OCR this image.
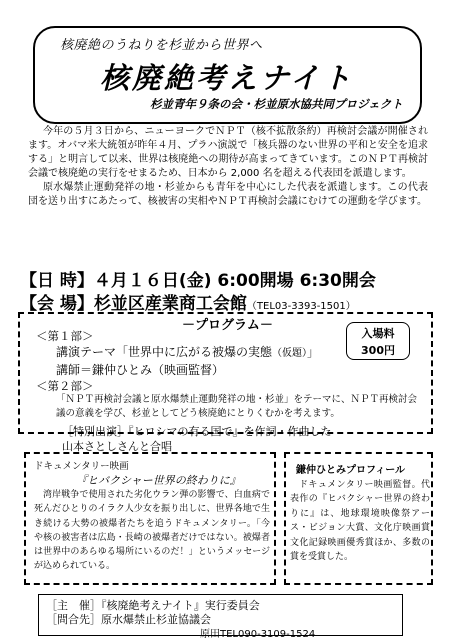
核廃絶のうねりを杉並から世界へ
核廃絶考えナイト
杉並青年９条の会・杉並原水協共同プロジェクト

今年の５月３日から、ニューヨークでＮＰＴ（核不拡散条約）再検討会議が開催されます。オバマ米大統領が昨年４月、プラハ演説で「核兵器のない世界の平和と安全を追求する」と明言して以来、世界は核廃絶への期待が高まってきています。このＮＰＴ再検討会議で核廃絶の実行をせまるため、日本から 2,000 名を超える代表団を派遣します。

原水爆禁止運動発祥の地・杉並からも青年を中心にした代表を派遣します。この代表団を送り出すにあたって、核被害の実相やＮＰＴ再検討会議にむけての運動を学びます。

【日 時】４月１６日(金) 6:00開場 6:30開会
【会 場】杉並区産業商工会館（TEL03-3393-1501）
－プログラム－
＜第１部＞
講演テーマ「世界中に広がる被爆の実態（仮題）」
講師＝鎌仲ひとみ（映画監督）
＜第２部＞
「ＮＰＴ再検討会議と原水爆禁止運動発祥の地・杉並」をテーマに、ＮＰＴ再検討会議の意義を学び、杉並としてどう核廃絶にとりくむかを考えます。
［特別出演］『ヒロシマの有る国で』を作詞・作曲した
山本さとしさんと合唱
入場料
300円
ドキュメンタリー映画
『ヒバクシャー世界の終わりに』

湾岸戦争で使用された劣化ウラン弾の影響で、白血病で死んだひとりのイラク人少女を振り出しに、世界各地で生き続ける大勢の被爆者たちを追うドキュメンタリー。「今や核の被害者は広島・長崎の被爆者だけではない。被爆者は世界中のあらゆる場所にいるのだ！」というメッセージが込められている。

鎌仲ひとみプロフィール

ドキュメンタリー映画監督。代表作の『ヒバクシャー世界の終わりに』は、地球環境映像祭アース・ビジョン大賞、文化庁映画賞文化記録映画優秀賞ほか、多数の賞を受賞した。

［主　催］『核廃絶考えナイト』実行委員会
［問合先］原水爆禁止杉並協議会
原田TEL090-3109-1524
